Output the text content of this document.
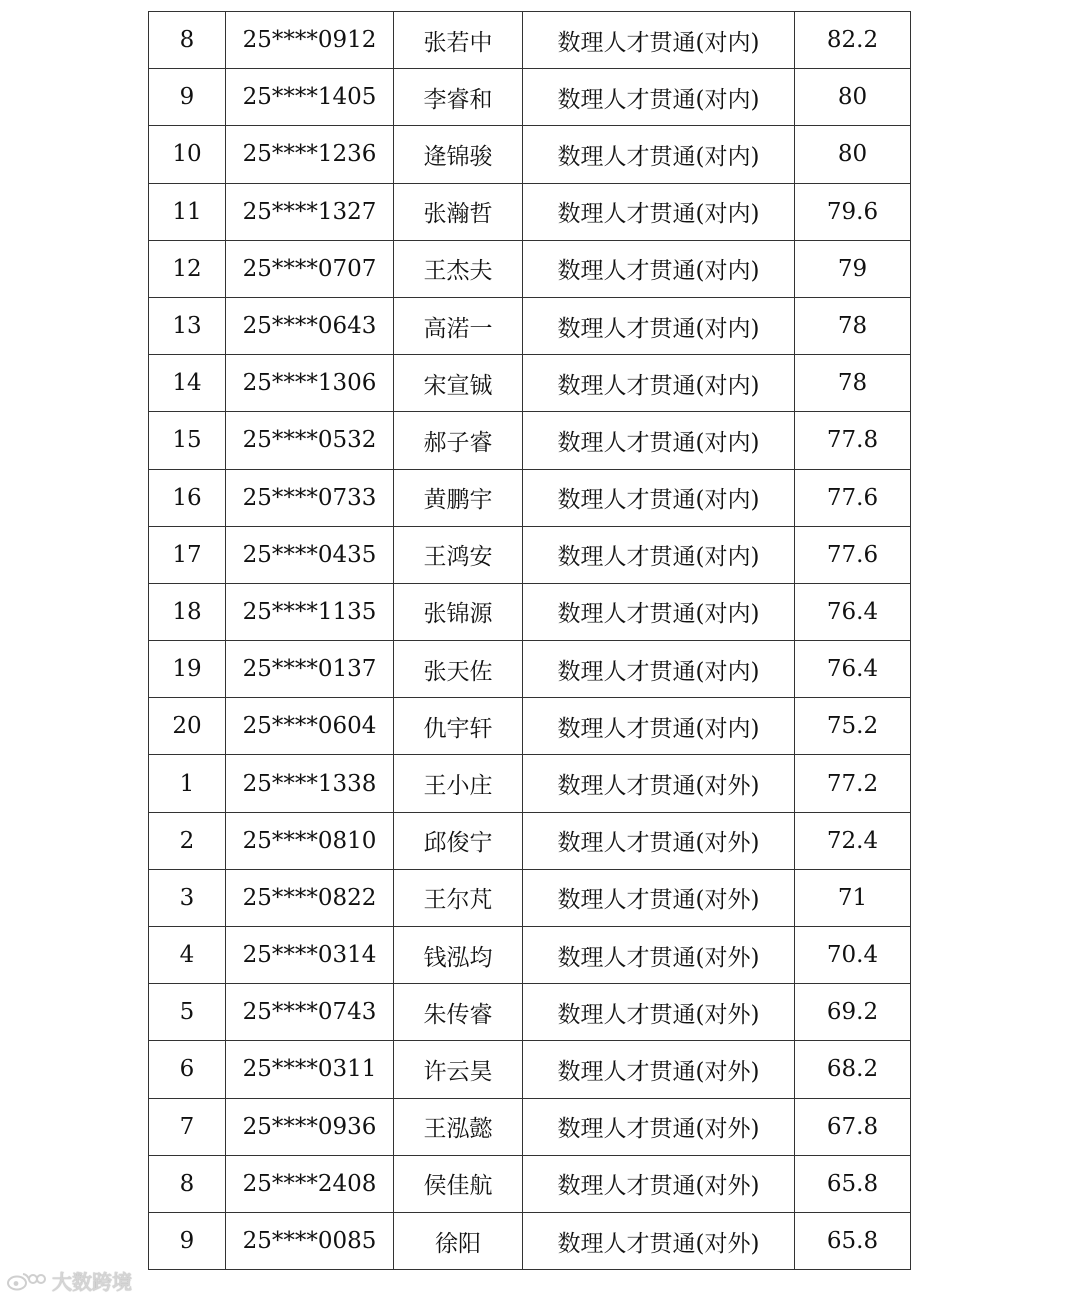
8	25****0912	张若中	数理人才贯通(对内)	82.2
9	25****1405	李睿和	数理人才贯通(对内)	80
10	25****1236	逄锦骏	数理人才贯通(对内)	80
11	25****1327	张瀚哲	数理人才贯通(对内)	79.6
12	25****0707	王杰夫	数理人才贯通(对内)	79
13	25****0643	高渃一	数理人才贯通(对内)	78
14	25****1306	宋宣铖	数理人才贯通(对内)	78
15	25****0532	郝子睿	数理人才贯通(对内)	77.8
16	25****0733	黄鹏宇	数理人才贯通(对内)	77.6
17	25****0435	王鸿安	数理人才贯通(对内)	77.6
18	25****1135	张锦源	数理人才贯通(对内)	76.4
19	25****0137	张天佐	数理人才贯通(对内)	76.4
20	25****0604	仇宇轩	数理人才贯通(对内)	75.2
1	25****1338	王小庄	数理人才贯通(对外)	77.2
2	25****0810	邱俊宁	数理人才贯通(对外)	72.4
3	25****0822	王尔芃	数理人才贯通(对外)	71
4	25****0314	钱泓均	数理人才贯通(对外)	70.4
5	25****0743	朱传睿	数理人才贯通(对外)	69.2
6	25****0311	许云昊	数理人才贯通(对外)	68.2
7	25****0936	王泓懿	数理人才贯通(对外)	67.8
8	25****2408	侯佳航	数理人才贯通(对外)	65.8
9	25****0085	徐阳	数理人才贯通(对外)	65.8
大数跨境
